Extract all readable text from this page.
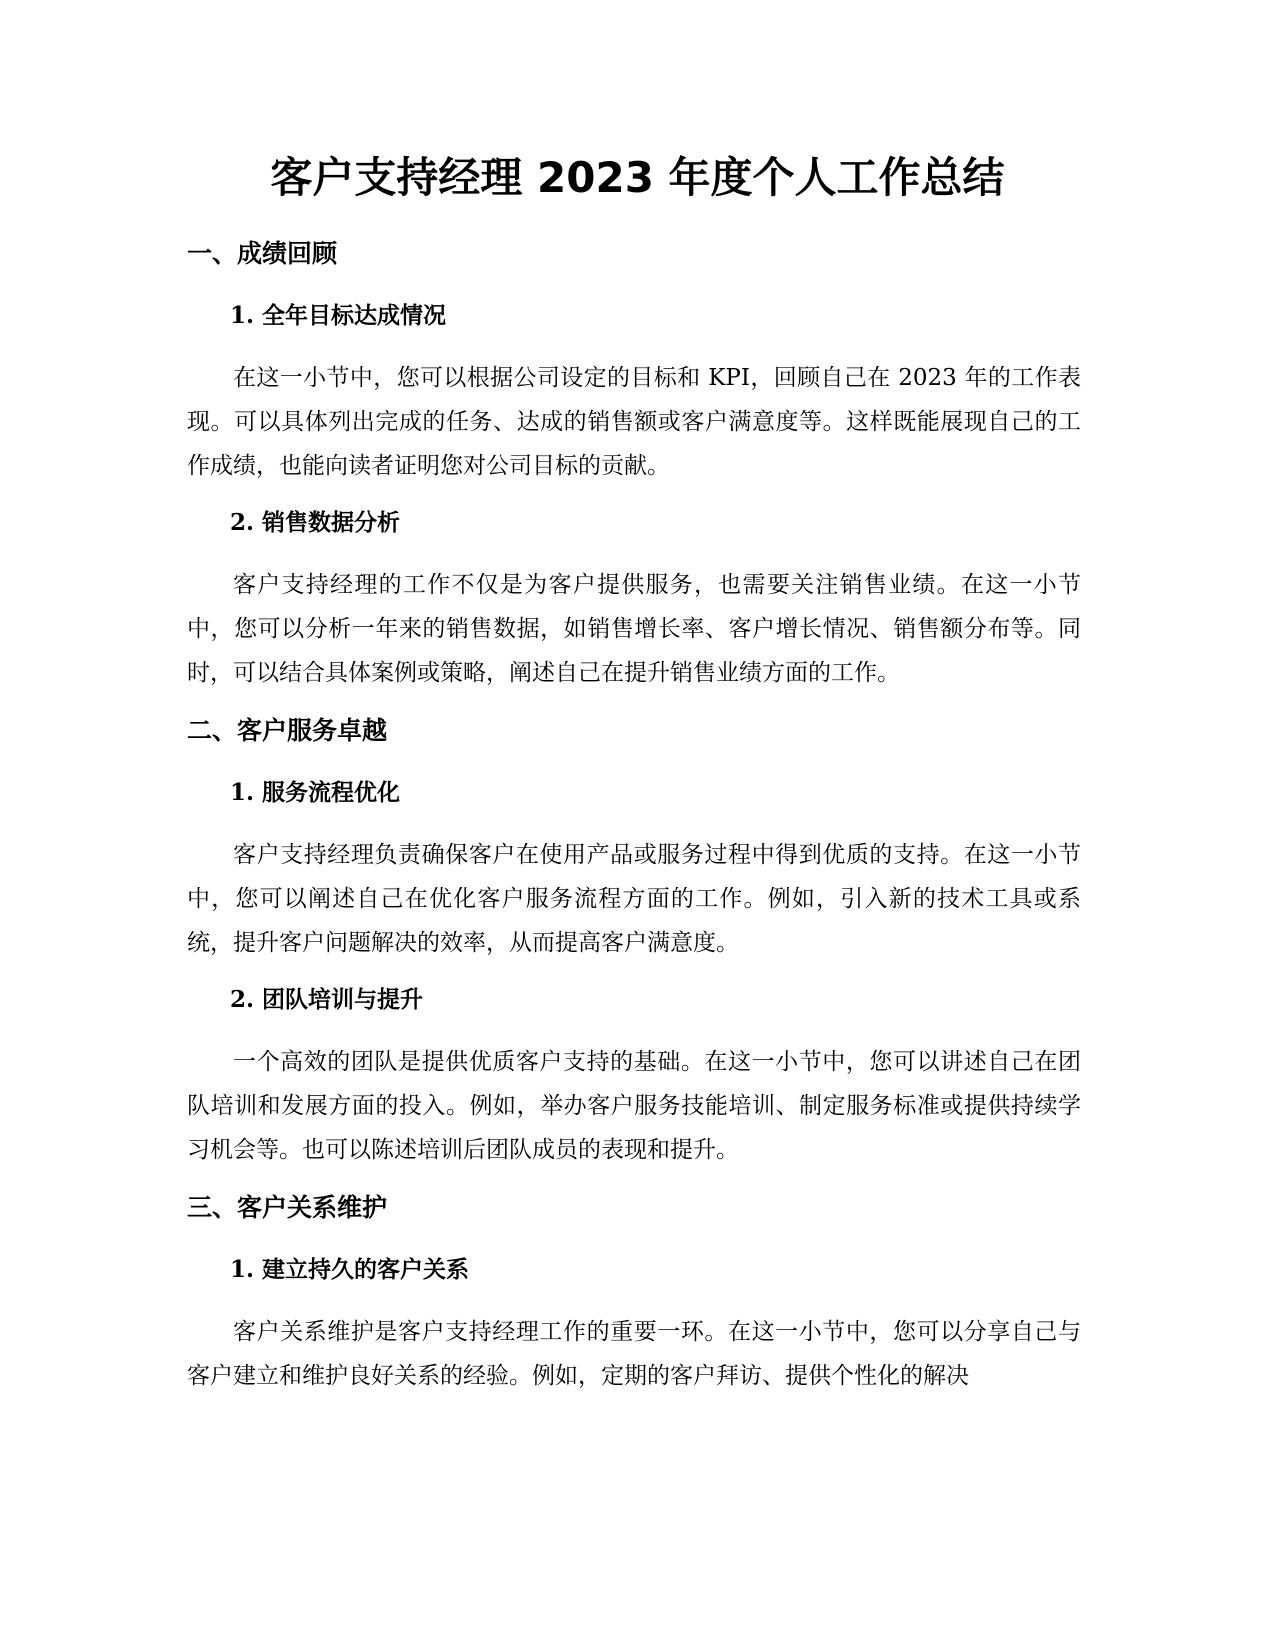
客户支持经理 2023 年度个人工作总结
一、成绩回顾
1. 全年目标达成情况

在这一小节中，您可以根据公司设定的目标和 KPI，回顾自己在 2023 年的工作表现。可以具体列出完成的任务、达成的销售额或客户满意度等。这样既能展现自己的工作成绩，也能向读者证明您对公司目标的贡献。

2. 销售数据分析

客户支持经理的工作不仅是为客户提供服务，也需要关注销售业绩。在这一小节中，您可以分析一年来的销售数据，如销售增长率、客户增长情况、销售额分布等。同时，可以结合具体案例或策略，阐述自己在提升销售业绩方面的工作。

二、客户服务卓越
1. 服务流程优化

客户支持经理负责确保客户在使用产品或服务过程中得到优质的支持。在这一小节中，您可以阐述自己在优化客户服务流程方面的工作。例如，引入新的技术工具或系统，提升客户问题解决的效率，从而提高客户满意度。

2. 团队培训与提升

一个高效的团队是提供优质客户支持的基础。在这一小节中，您可以讲述自己在团队培训和发展方面的投入。例如，举办客户服务技能培训、制定服务标准或提供持续学习机会等。也可以陈述培训后团队成员的表现和提升。

三、客户关系维护
1. 建立持久的客户关系

客户关系维护是客户支持经理工作的重要一环。在这一小节中，您可以分享自己与客户建立和维护良好关系的经验。例如，定期的客户拜访、提供个性化的解决
